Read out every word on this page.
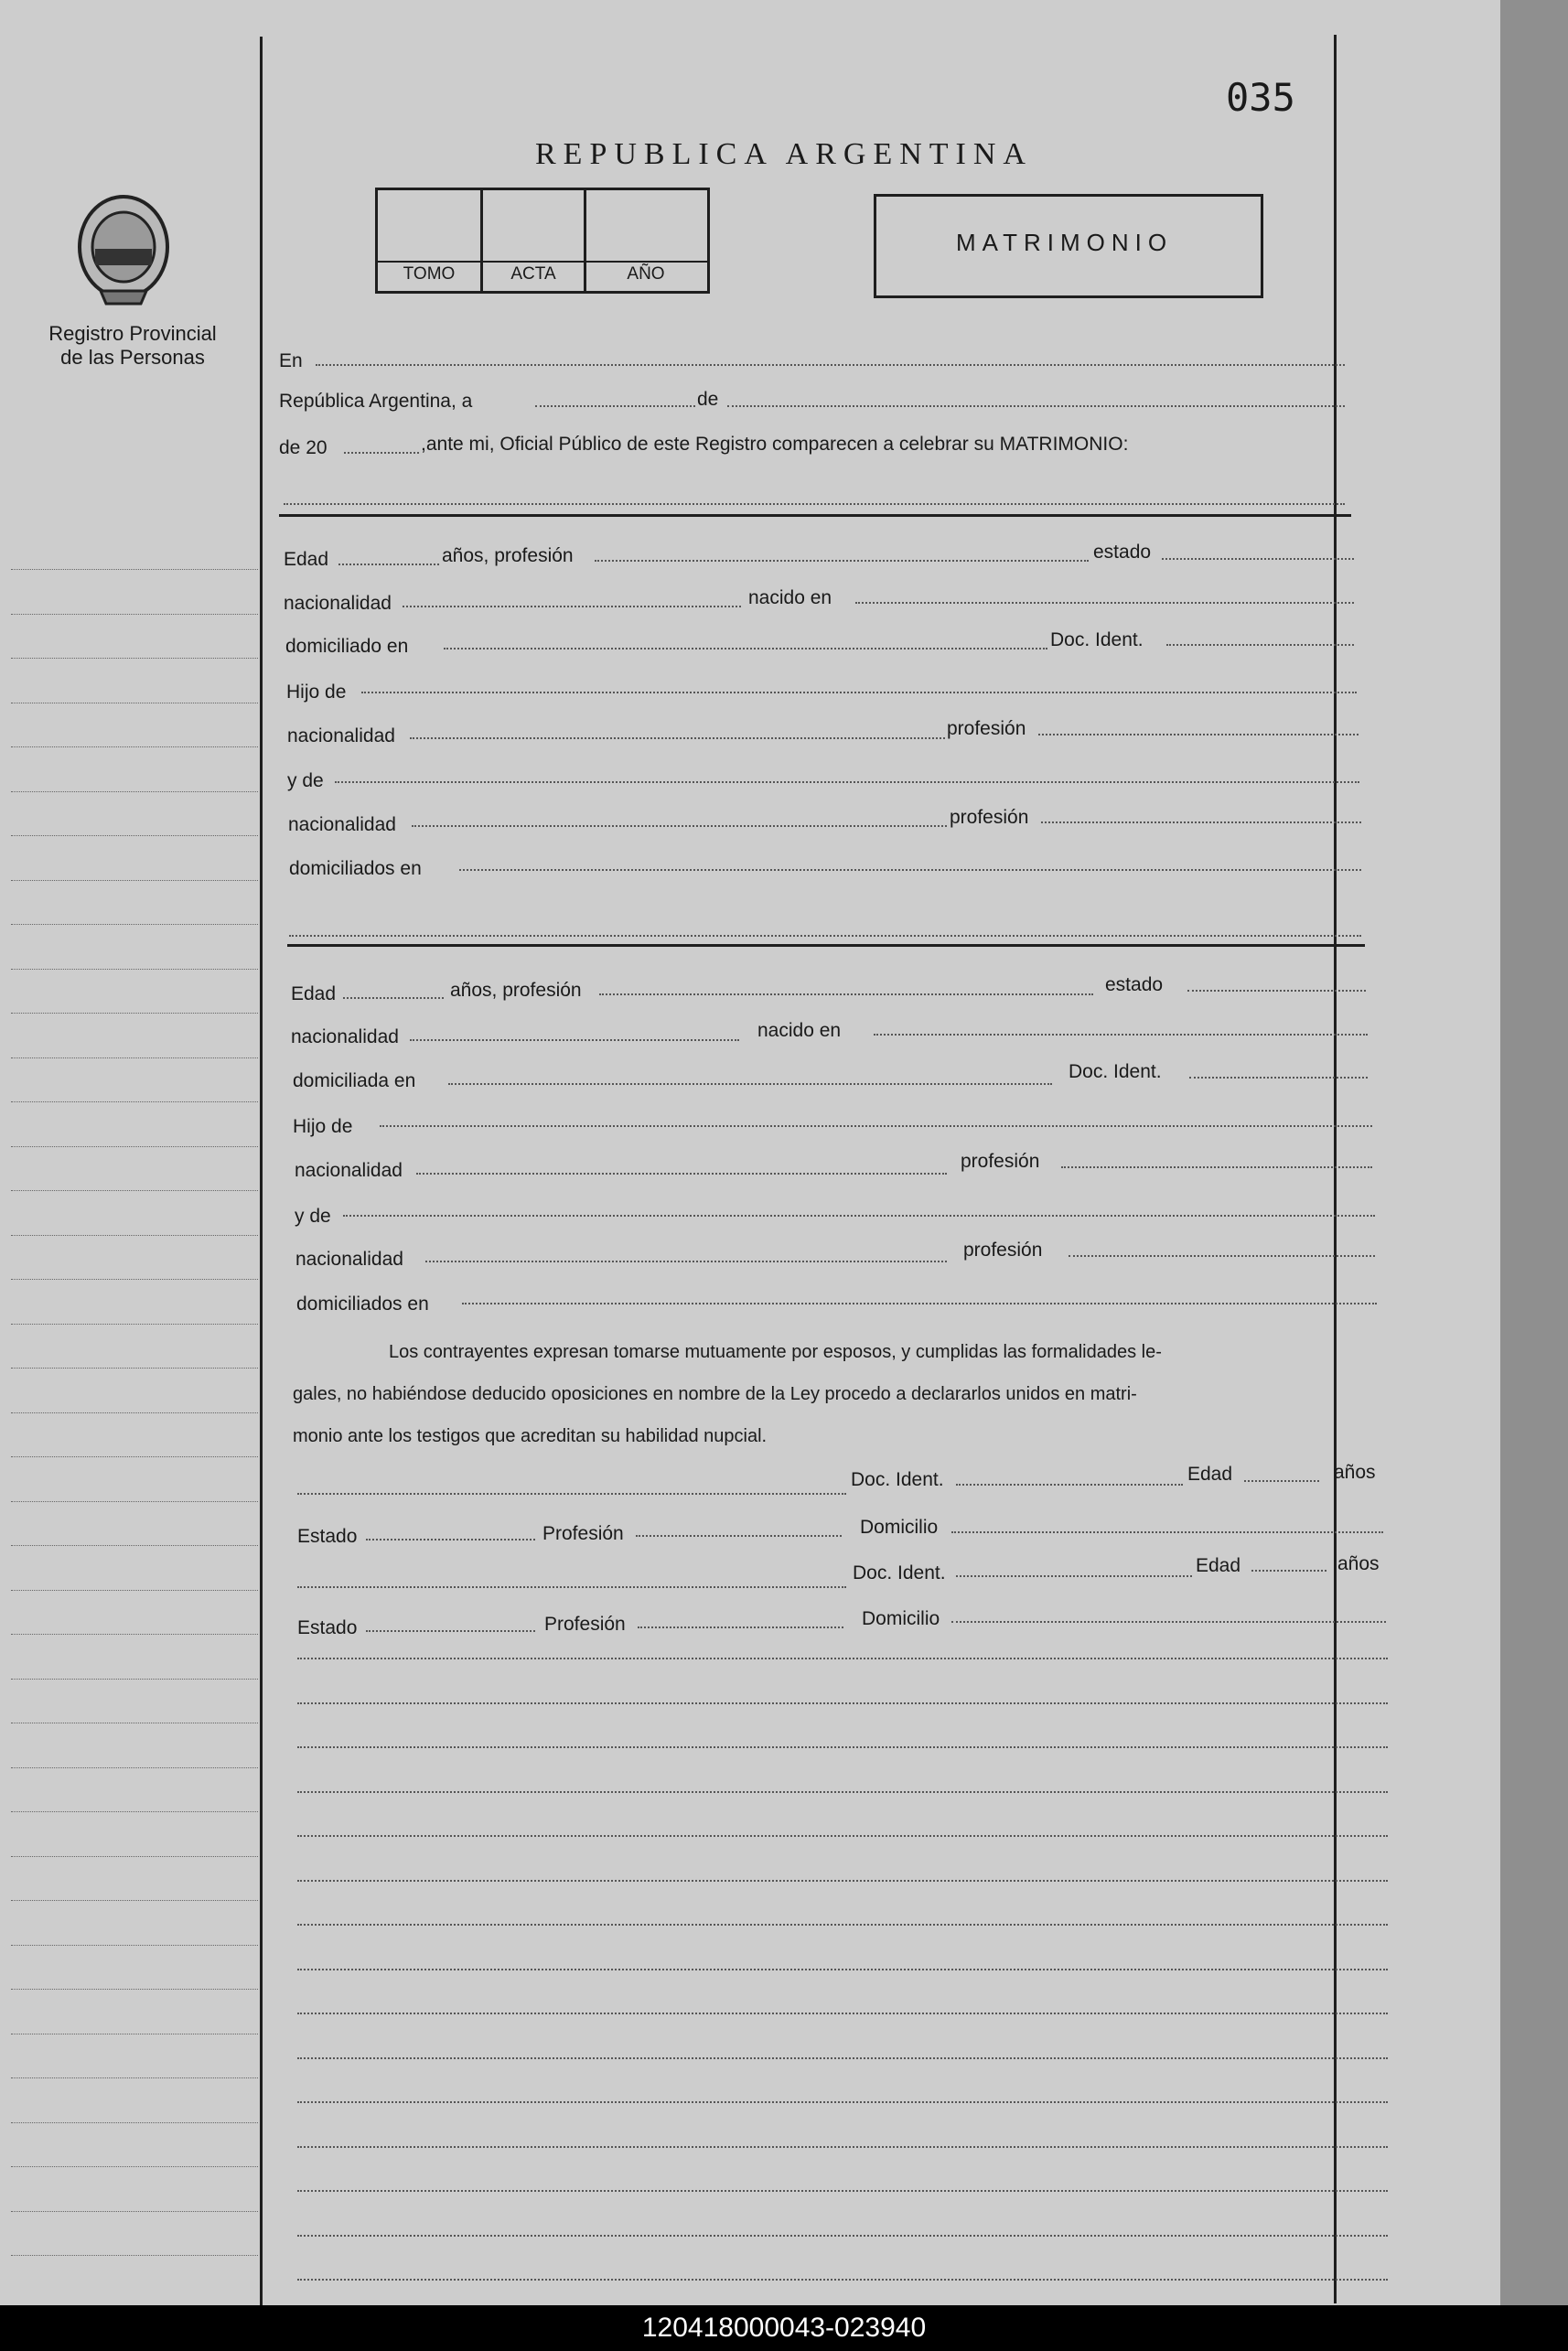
035
REPUBLICA ARGENTINA
Registro Provincial
de las Personas
TOMO	ACTA	AÑO
MATRIMONIO
En
República Argentina, a	de
de 20	,ante mi, Oficial Público de este Registro comparecen a celebrar su MATRIMONIO:
Edad	años, profesión	estado
nacionalidad	nacido en
domiciliado en	Doc. Ident.
Hijo de
nacionalidad	profesión
y de
nacionalidad	profesión
domiciliados en
Edad	años, profesión	estado
nacionalidad	nacido en
domiciliada en	Doc. Ident.
Hijo de
nacionalidad	profesión
y de
nacionalidad	profesión
domiciliados en
Los contrayentes expresan tomarse mutuamente por esposos, y cumplidas las formalidades le-
gales, no habiéndose deducido oposiciones en nombre de la Ley procedo a declararlos unidos en matri-
monio ante los testigos que acreditan su habilidad nupcial.
Doc. Ident.	Edad	años
Estado	Profesión	Domicilio
Doc. Ident.	Edad	años
Estado	Profesión	Domicilio
120418000043-023940
